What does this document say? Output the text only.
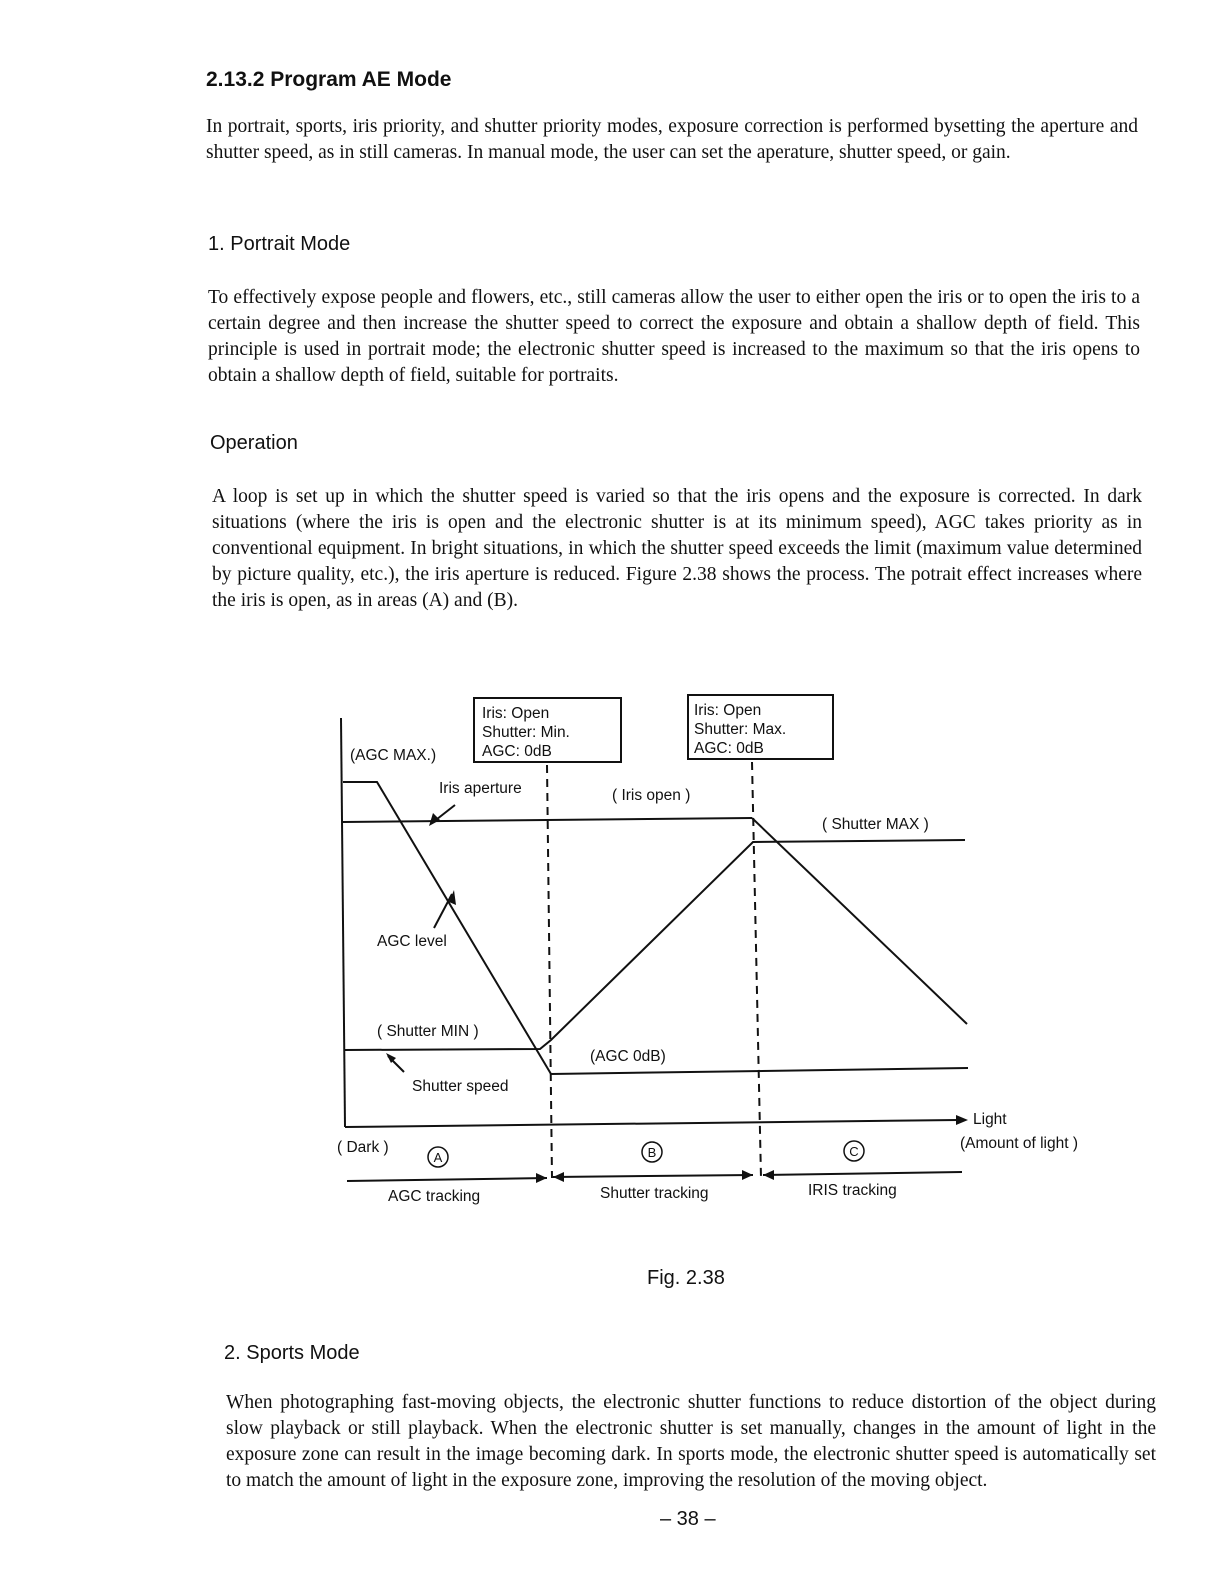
2.13.2 Program AE Mode

In portrait, sports, iris priority, and shutter priority modes, exposure correction is performed bysetting the aperture and shutter speed, as in still cameras. In manual mode, the user can set the aperature, shutter speed, or gain.

1. Portrait Mode

To effectively expose people and flowers, etc., still cameras allow the user to either open the iris or to open the iris to a certain degree and then increase the shutter speed to correct the exposure and obtain a shallow depth of field. This principle is used in portrait mode; the electronic shutter speed is increased to the maximum so that the iris opens to obtain a shallow depth of field, suitable for portraits.

Operation

A loop is set up in which the shutter speed is varied so that the iris opens and the exposure is corrected. In dark situations (where the iris is open and the electronic shutter is at its minimum speed), AGC takes priority as in conventional equipment. In bright situations, in which the shutter speed exceeds the limit (maximum value determined by picture quality, etc.), the iris aperture is reduced. Figure 2.38 shows the process. The potrait effect increases where the iris is open, as in areas (A) and (B).

Iris: Open
Shutter: Min.
AGC: 0dB
Iris: Open
Shutter: Max.
AGC: 0dB
(AGC MAX.)
Iris aperture	( Iris open )
( Shutter MAX )
AGC level
( Shutter MIN )
(AGC 0dB)
Shutter speed
Light
(Amount of light )
( Dark )
AGC tracking	Shutter tracking	IRIS tracking
A	B	C
Fig. 2.38
2. Sports Mode

When photographing fast-moving objects, the electronic shutter functions to reduce distortion of the object during slow playback or still playback. When the electronic shutter is set manually, changes in the amount of light in the exposure zone can result in the image becoming dark. In sports mode, the electronic shutter speed is automatically set to match the amount of light in the exposure zone, improving the resolution of the moving object.

– 38 –
